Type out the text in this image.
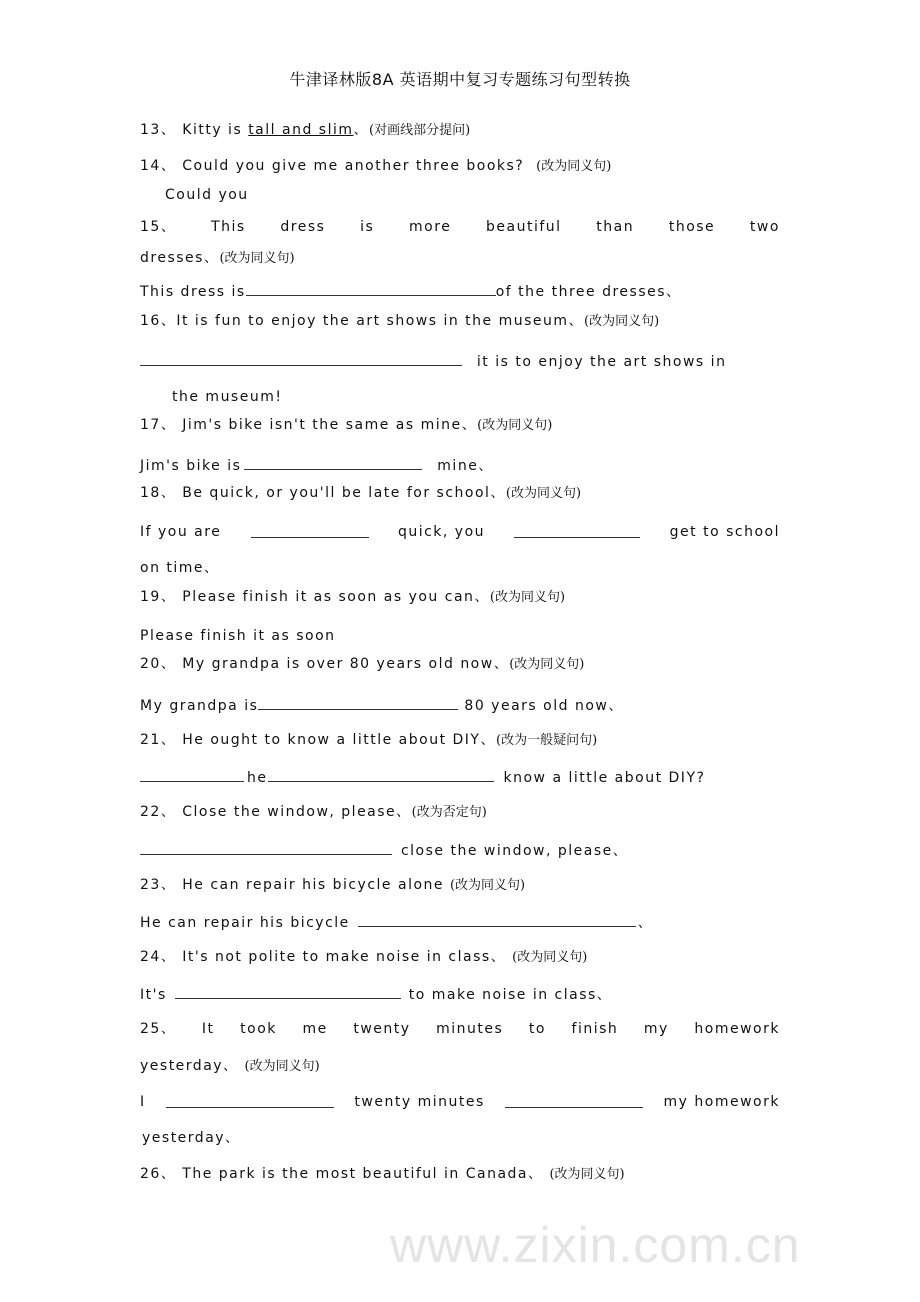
www.zixin.com.cn
牛津译林版8A 英语期中复习专题练习句型转换
13、 Kitty is tall and slim、(对画线部分提问)
14、 Could you give me another three books? (改为同义句)
Could you
15、 This dress is more beautiful than those two
dresses、(改为同义句)
This dress is	of the three dresses、
16、It is fun to enjoy the art shows in the museum、(改为同义句)
it is to enjoy the art shows in
the museum!
17、 Jim's bike isn't the same as mine、(改为同义句)
Jim's bike is	mine、
18、 Be quick, or you'll be late for school、(改为同义句)
If you are	quick, you	get to school
on time、
19、 Please finish it as soon as you can、(改为同义句)
Please finish it as soon
20、 My grandpa is over 80 years old now、(改为同义句)
My grandpa is	80 years old now、
21、 He ought to know a little about DIY、(改为一般疑问句)
he	know a little about DIY?
22、 Close the window, please、(改为否定句)
close the window, please、
23、 He can repair his bicycle alone (改为同义句)
He can repair his bicycle	、
24、 It's not polite to make noise in class、 (改为同义句)
It's	to make noise in class、
25、 It took me twenty minutes to finish my homework
yesterday、 (改为同义句)
I	twenty minutes	my homework
yesterday、
26、 The park is the most beautiful in Canada、 (改为同义句)
